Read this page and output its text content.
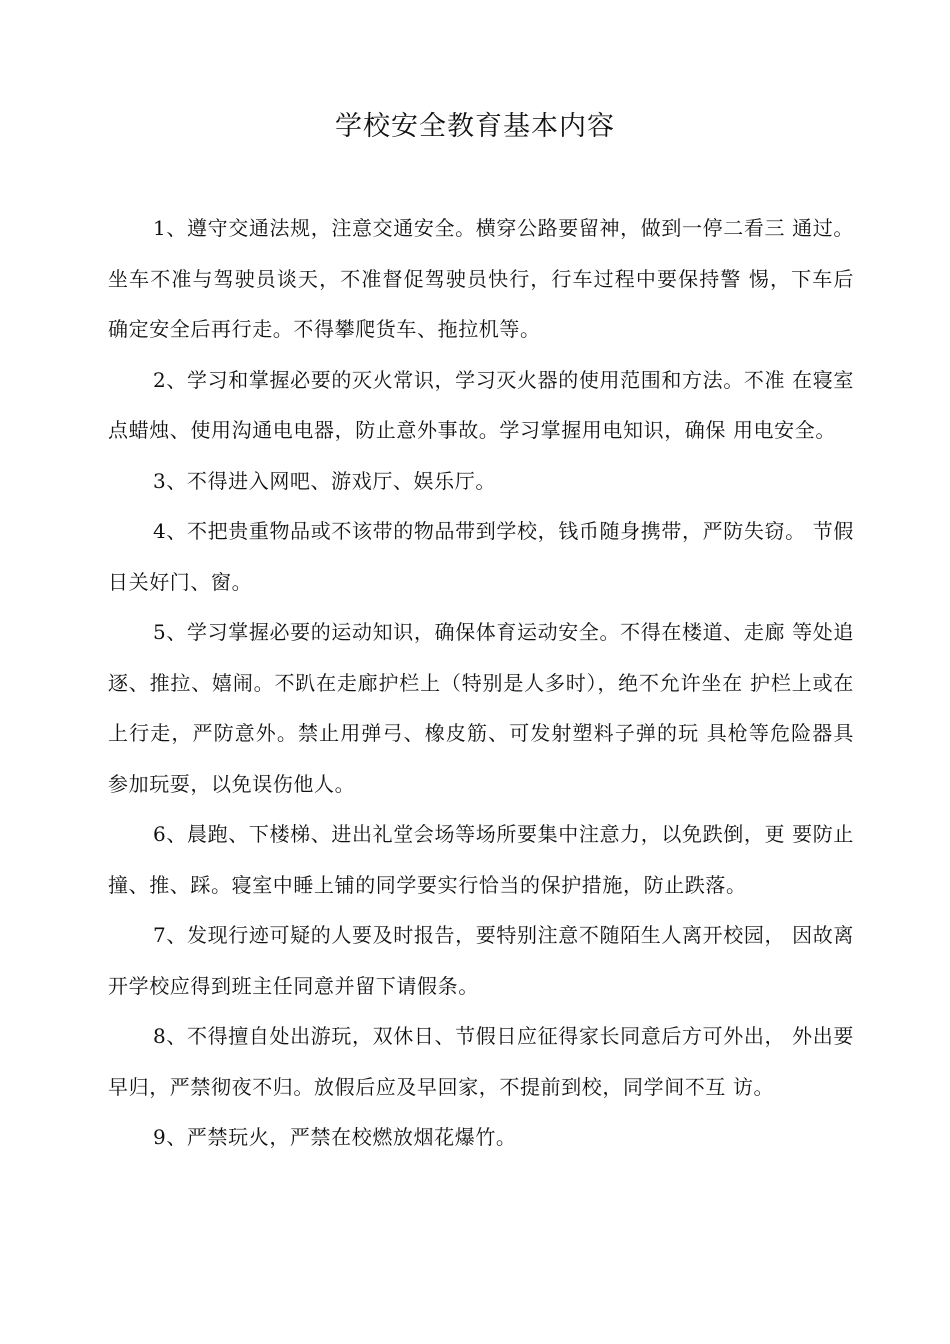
学校安全教育基本内容

1、遵守交通法规，注意交通安全。横穿公路要留神，做到一停二看三 通过。坐车不准与驾驶员谈天，不准督促驾驶员快行，行车过程中要保持警 惕，下车后确定安全后再行走。不得攀爬货车、拖拉机等。

2、学习和掌握必要的灭火常识，学习灭火器的使用范围和方法。不准 在寝室点蜡烛、使用沟通电电器，防止意外事故。学习掌握用电知识，确保 用电安全。

3、不得进入网吧、游戏厅、娱乐厅。

4、不把贵重物品或不该带的物品带到学校，钱币随身携带，严防失窃。 节假日关好门、窗。

5、学习掌握必要的运动知识，确保体育运动安全。不得在楼道、走廊 等处追逐、推拉、嬉闹。不趴在走廊护栏上（特别是人多时），绝不允许坐在 护栏上或在上行走，严防意外。禁止用弹弓、橡皮筋、可发射塑料子弹的玩 具枪等危险器具参加玩耍，以免误伤他人。

6、晨跑、下楼梯、进出礼堂会场等场所要集中注意力，以免跌倒，更 要防止撞、推、踩。寝室中睡上铺的同学要实行恰当的保护措施，防止跌落。

7、发现行迹可疑的人要及时报告，要特别注意不随陌生人离开校园， 因故离开学校应得到班主任同意并留下请假条。

8、不得擅自处出游玩，双休日、节假日应征得家长同意后方可外出， 外出要早归，严禁彻夜不归。放假后应及早回家，不提前到校，同学间不互 访。

9、严禁玩火，严禁在校燃放烟花爆竹。
